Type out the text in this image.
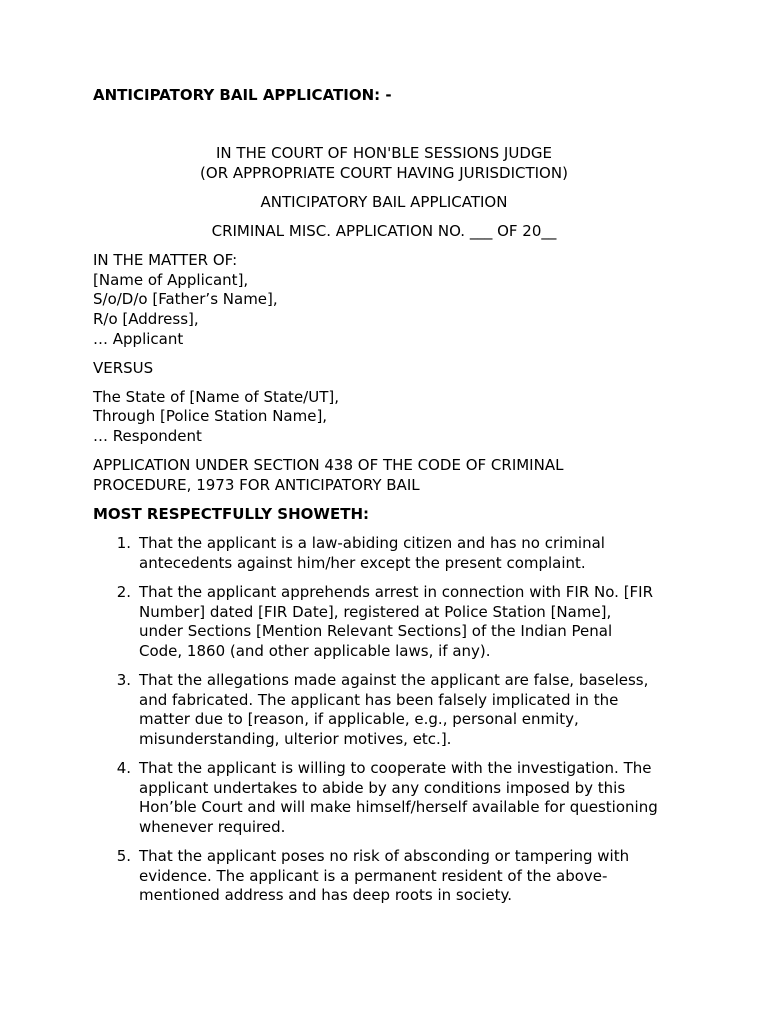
ANTICIPATORY BAIL APPLICATION: -
IN THE COURT OF HON'BLE SESSIONS JUDGE
(OR APPROPRIATE COURT HAVING JURISDICTION)
ANTICIPATORY BAIL APPLICATION
CRIMINAL MISC. APPLICATION NO. ___ OF 20__
IN THE MATTER OF:
[Name of Applicant],
S/o/D/o [Father’s Name],
R/o [Address],
… Applicant
VERSUS
The State of [Name of State/UT],
Through [Police Station Name],
… Respondent
APPLICATION UNDER SECTION 438 OF THE CODE OF CRIMINAL
PROCEDURE, 1973 FOR ANTICIPATORY BAIL
MOST RESPECTFULLY SHOWETH:
1. That the applicant is a law-abiding citizen and has no criminal
antecedents against him/her except the present complaint.
2. That the applicant apprehends arrest in connection with FIR No. [FIR
Number] dated [FIR Date], registered at Police Station [Name],
under Sections [Mention Relevant Sections] of the Indian Penal
Code, 1860 (and other applicable laws, if any).
3. That the allegations made against the applicant are false, baseless,
and fabricated. The applicant has been falsely implicated in the
matter due to [reason, if applicable, e.g., personal enmity,
misunderstanding, ulterior motives, etc.].
4. That the applicant is willing to cooperate with the investigation. The
applicant undertakes to abide by any conditions imposed by this
Hon’ble Court and will make himself/herself available for questioning
whenever required.
5. That the applicant poses no risk of absconding or tampering with
evidence. The applicant is a permanent resident of the above-
mentioned address and has deep roots in society.
